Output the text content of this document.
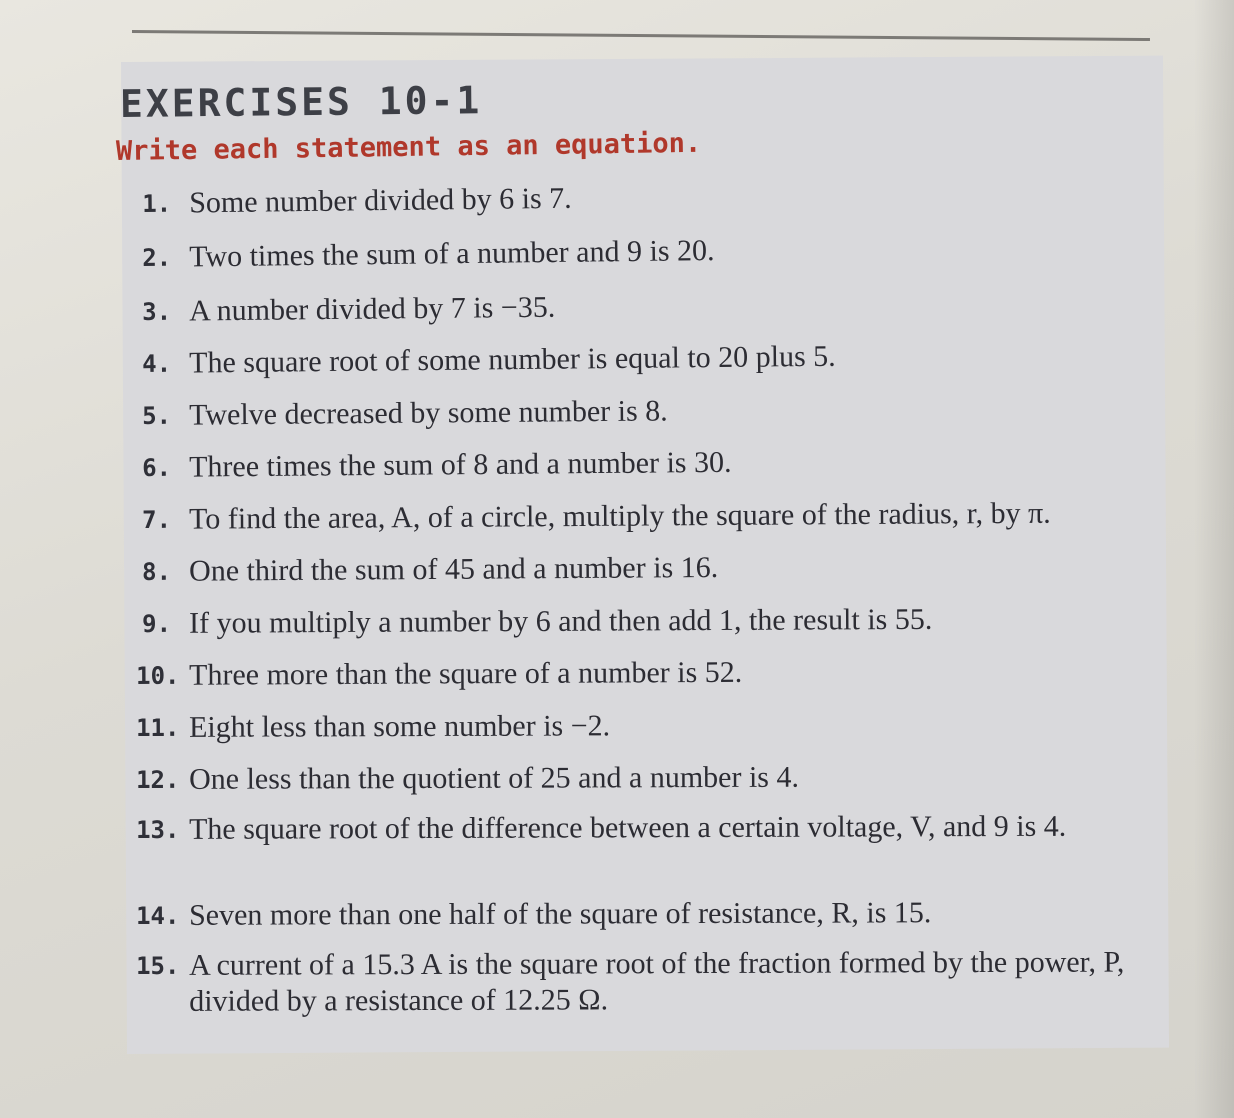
EXERCISES 10-1

Write each statement as an equation.

1. Some number divided by 6 is 7.
2. Two times the sum of a number and 9 is 20.
3. A number divided by 7 is −35.
4. The square root of some number is equal to 20 plus 5.
5. Twelve decreased by some number is 8.
6. Three times the sum of 8 and a number is 30.
7. To find the area, A, of a circle, multiply the square of the radius, r, by π.
8. One third the sum of 45 and a number is 16.
9. If you multiply a number by 6 and then add 1, the result is 55.
10. Three more than the square of a number is 52.
11. Eight less than some number is −2.
12. One less than the quotient of 25 and a number is 4.
13. The square root of the difference between a certain voltage, V, and 9 is 4.
14. Seven more than one half of the square of resistance, R, is 15.
15. A current of a 15.3 A is the square root of the fraction formed by the power, P, divided by a resistance of 12.25 Ω.
